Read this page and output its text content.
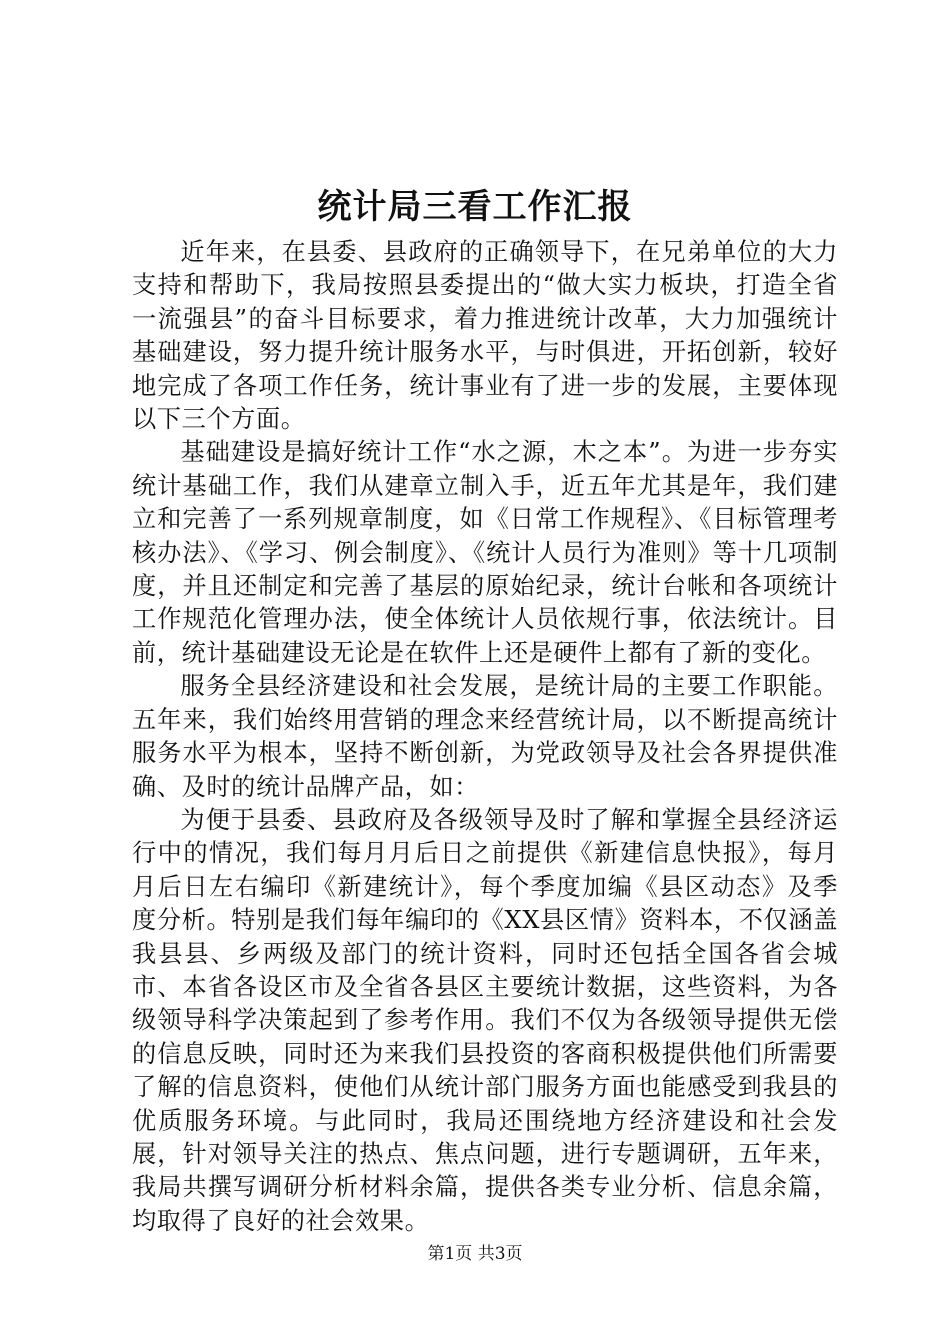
统计局三看工作汇报

近年来，在县委、县政府的正确领导下，在兄弟单位的大力支持和帮助下，我局按照县委提出的“做大实力板块，打造全省一流强县”的奋斗目标要求，着力推进统计改革，大力加强统计基础建设，努力提升统计服务水平，与时俱进，开拓创新，较好地完成了各项工作任务，统计事业有了进一步的发展，主要体现以下三个方面。

基础建设是搞好统计工作“水之源，木之本”。为进一步夯实统计基础工作，我们从建章立制入手，近五年尤其是年，我们建立和完善了一系列规章制度，如《日常工作规程》、《目标管理考核办法》、《学习、例会制度》、《统计人员行为准则》等十几项制度，并且还制定和完善了基层的原始纪录，统计台帐和各项统计工作规范化管理办法，使全体统计人员依规行事，依法统计。目前，统计基础建设无论是在软件上还是硬件上都有了新的变化。

服务全县经济建设和社会发展，是统计局的主要工作职能。五年来，我们始终用营销的理念来经营统计局，以不断提高统计服务水平为根本，坚持不断创新，为党政领导及社会各界提供准确、及时的统计品牌产品，如：

为便于县委、县政府及各级领导及时了解和掌握全县经济运行中的情况，我们每月月后日之前提供《新建信息快报》，每月月后日左右编印《新建统计》，每个季度加编《县区动态》及季度分析。特别是我们每年编印的《XX县区情》资料本，不仅涵盖我县县、乡两级及部门的统计资料，同时还包括全国各省会城市、本省各设区市及全省各县区主要统计数据，这些资料，为各级领导科学决策起到了参考作用。我们不仅为各级领导提供无偿的信息反映，同时还为来我们县投资的客商积极提供他们所需要了解的信息资料，使他们从统计部门服务方面也能感受到我县的优质服务环境。与此同时，我局还围绕地方经济建设和社会发展，针对领导关注的热点、焦点问题，进行专题调研，五年来，我局共撰写调研分析材料余篇，提供各类专业分析、信息余篇，均取得了良好的社会效果。

第1页 共3页
